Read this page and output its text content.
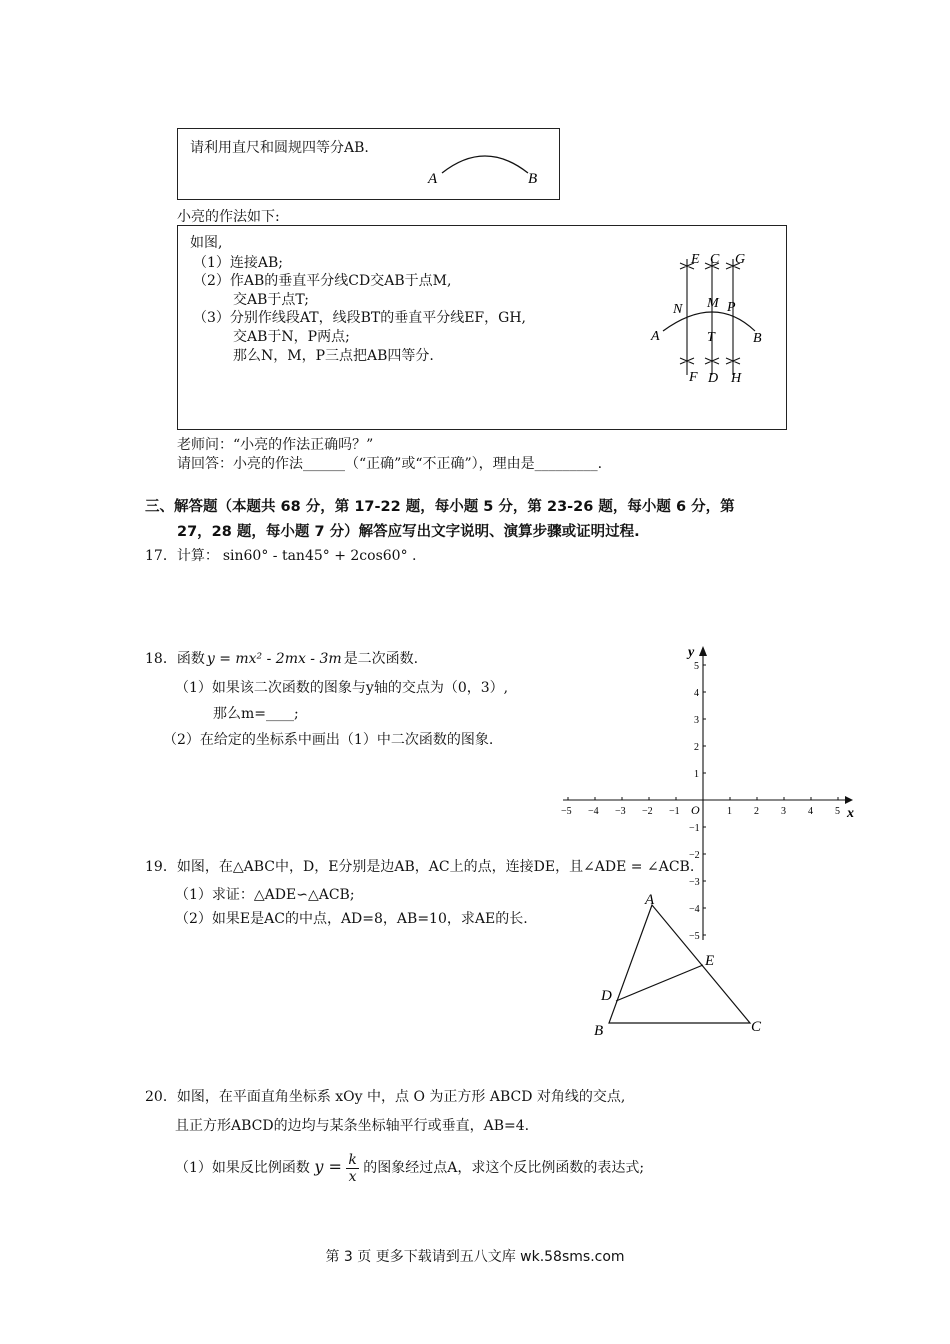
请利用直尺和圆规四等分AB.
A	B
小亮的作法如下:
如图,
（1）连接AB;
（2）作AB的垂直平分线CD交AB于点M,
交AB于点T;
（3）分别作线段AT，线段BT的垂直平分线EF，GH,
交AB于N，P两点;
那么N，M，P三点把AB四等分.
E C G
N M P
A	T	B
F D H
老师问：“小亮的作法正确吗？”
请回答：小亮的作法______（“正确”或“不正确”），理由是_________.
三、解答题（本题共 68 分，第 17-22 题，每小题 5 分，第 23-26 题，每小题 6 分，第
27，28 题，每小题 7 分）解答应写出文字说明、演算步骤或证明过程.
17．计算： sin60° - tan45° + 2cos60° .
18．函数 y = mx² - 2mx - 3m 是二次函数.
（1）如果该二次函数的图象与y轴的交点为（0，3）,
那么m=____;
（2）在给定的坐标系中画出（1）中二次函数的图象.
x
y
O
−5 −4 −3 −2 −1	1 2 3 4 5
5
4
3
2
1
−1
−2
−3
−4
−5
19．如图，在△ABC中，D，E分别是边AB，AC上的点，连接DE，且∠ADE = ∠ACB.
（1）求证：△ADE∽△ACB;
（2）如果E是AC的中点，AD=8，AB=10，求AE的长.
A
E
D
B	C
20．如图，在平面直角坐标系 xOy 中，点 O 为正方形 ABCD 对角线的交点,
且正方形ABCD的边均与某条坐标轴平行或垂直，AB=4.
（1）如果反比例函数 $y = \frac{k}{x}$ 的图象经过点A，求这个反比例函数的表达式;
第 3 页 更多下载请到五八文库 wk.58sms.com
